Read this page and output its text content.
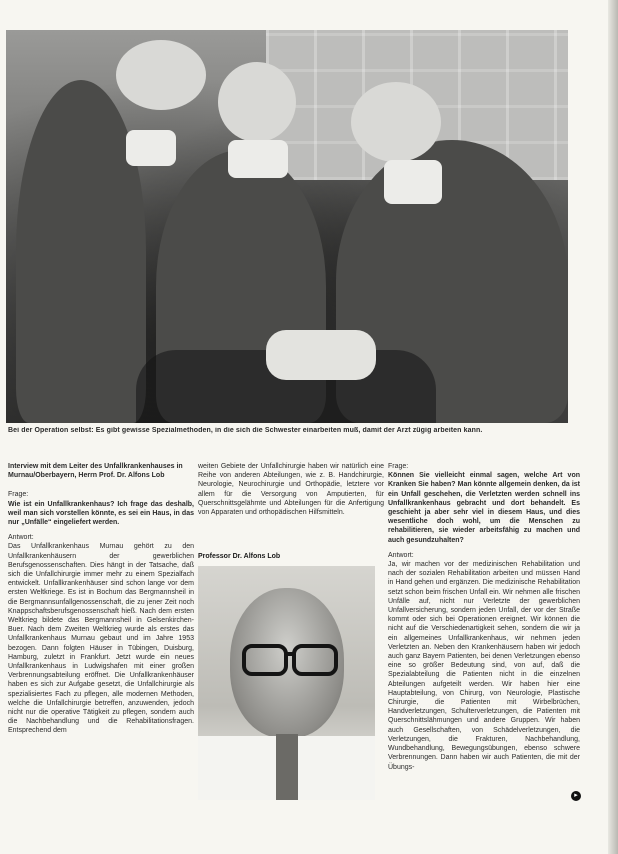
Bei der Operation selbst: Es gibt gewisse Spezialmethoden, in die sich die Schwester einarbeiten muß, damit der Arzt zügig arbeiten kann.
Interview mit dem Leiter des Unfallkrankenhauses in Murnau/Oberbayern, Herrn Prof. Dr. Alfons Lob
Frage:

Wie ist ein Unfallkrankenhaus? Ich frage das deshalb, weil man sich vorstellen könnte, es sei ein Haus, in das nur „Unfälle“ eingeliefert werden.

Antwort:

Das Unfallkrankenhaus Murnau gehört zu den Unfallkrankenhäusern der gewerblichen Berufsgenossenschaften. Dies hängt in der Tatsache, daß sich die Unfallchirurgie immer mehr zu einem Spezialfach entwickelt. Unfallkrankenhäuser sind schon lange vor dem ersten Weltkriege. Es ist in Bochum das Bergmannsheil in die Bergmannsunfallgenossenschaft, die zu jener Zeit noch Knappschaftsberufsgenossenschaft hieß. Nach dem ersten Weltkrieg bildete das Bergmannsheil in Gelsenkirchen-Buer. Nach dem Zweiten Weltkrieg wurde als erstes das Unfallkrankenhaus Murnau gebaut und im Jahre 1953 bezogen. Dann folgten Häuser in Tübingen, Duisburg, Hamburg, zuletzt in Frankfurt. Jetzt wurde ein neues Unfallkrankenhaus in Ludwigshafen mit einer großen Verbrennungsabteilung eröffnet. Die Unfallkrankenhäuser haben es sich zur Aufgabe gesetzt, die Unfallchirurgie als spezialisiertes Fach zu pflegen, alle modernen Methoden, welche die Unfallchirurgie betreffen, anzuwenden, jedoch nicht nur die operative Tätigkeit zu pflegen, sondern auch die Nachbehandlung und die Rehabilitationsfragen. Entsprechend dem

weiten Gebiete der Unfallchirurgie haben wir natürlich eine Reihe von anderen Abteilungen, wie z. B. Handchirurgie, Neurologie, Neurochirurgie und Orthopädie, letztere vor allem für die Versorgung von Amputierten, für Querschnittsgelähmte und Abteilungen für die Anfertigung von Apparaten und orthopädischen Hilfsmitteln.

Professor Dr. Alfons Lob
Frage:

Können Sie vielleicht einmal sagen, welche Art von Kranken Sie haben? Man könnte allgemein denken, da ist ein Unfall geschehen, die Verletzten werden schnell ins Unfallkrankenhaus gebracht und dort behandelt. Es geschieht ja aber sehr viel in diesem Haus, und dies wesentliche doch wohl, um die Menschen zu rehabilitieren, sie wieder arbeitsfähig zu machen und auch gesundzuhalten?

Antwort:

Ja, wir machen vor der medizinischen Rehabilitation und nach der sozialen Rehabilitation arbeiten und müssen Hand in Hand gehen und ergänzen. Die medizinische Rehabilitation setzt schon beim frischen Unfall ein. Wir nehmen alle frischen Unfälle auf, nicht nur Verletzte der gewerblichen Unfallversicherung, sondern jeden Unfall, der vor der Straße kommt oder sich bei Operationen ereignet. Wir können die nicht auf die Verschiedenartigkeit sehen, sondern die wir ja ein allgemeines Unfallkrankenhaus, wir nehmen jeden Verletzten an. Neben den Krankenhäusern haben wir jedoch auch ganz Bayern Patienten, bei denen Verletzungen ebenso eine so größer Bedeutung sind, von auf, daß die Spezialabteilung die Patienten nicht in die einzelnen Abteilungen aufgeteilt werden. Wir haben hier eine Hauptabteilung, von Chirurg, von Neurologie, Plastische Chirurgie, die Patienten mit Wirbelbrüchen, Handverletzungen, Schulterverletzungen, die Patienten mit Querschnittslähmungen und andere Gruppen. Wir haben auch Gesellschaften, von Schädelverletzungen, die Verletzungen, die Frakturen, Nachbehandlung, Wundbehandlung, Bewegungsübungen, ebenso schwere Verbrennungen. Dann haben wir auch Patienten, die mit der Übungs-

▸
